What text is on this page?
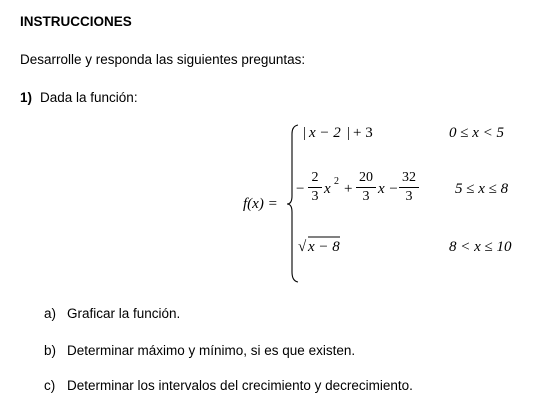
INSTRUCCIONES
Desarrolle y responda las siguientes preguntas:
1) Dada la función:
f(x) =
| x − 2 | + 3	0 ≤ x < 5
− $\frac{2}{3}$ x $2 + \frac{20}{3}$ $x - \frac{32}{3} 5 \le x \le 8$
√ x − 8	8 < x ≤ 10
a) Graficar la función.
b) Determinar máximo y mínimo, si es que existen.
c) Determinar los intervalos del crecimiento y decrecimiento.
